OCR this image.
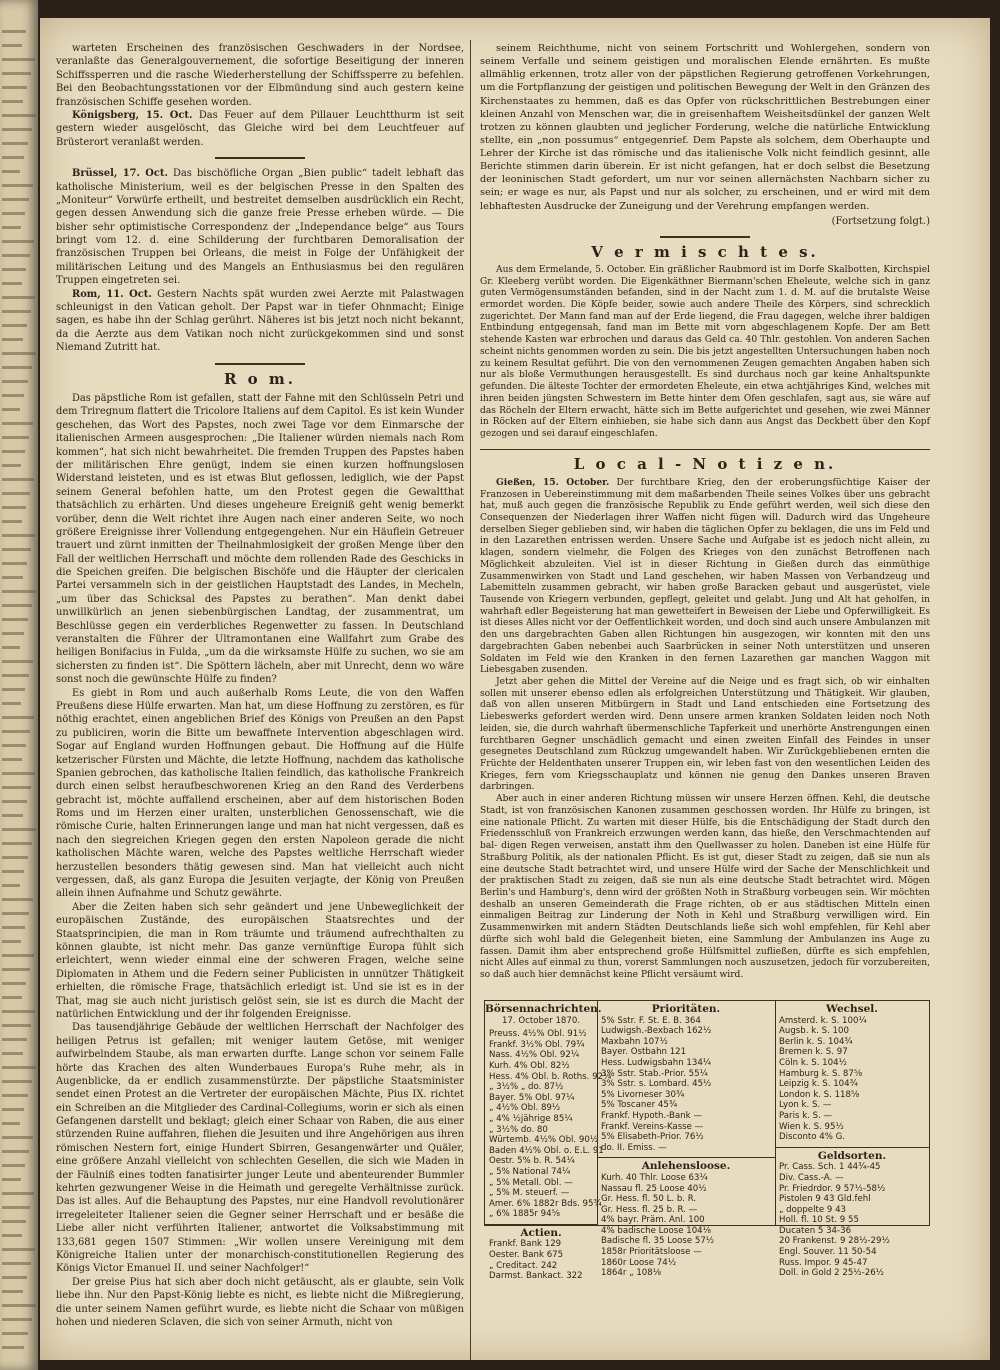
warteten Erscheinen des französischen Geschwaders in der Nordsee, veranlaßte das Generalgouvernement, die sofortige Beseitigung der inneren Schiffssperren und die rasche Wiederherstellung der Schiffssperre zu befehlen. Bei den Beobachtungsstationen vor der Elbmündung sind auch gestern keine französischen Schiffe gesehen worden.

Königsberg, 15. Oct. Das Feuer auf dem Pillauer Leuchtthurm ist seit gestern wieder ausgelöscht, das Gleiche wird bei dem Leuchtfeuer auf Brüsterort veranlaßt werden.

Brüssel, 17. Oct. Das bischöfliche Organ „Bien public“ tadelt lebhaft das katholische Ministerium, weil es der belgischen Presse in den Spalten des „Moniteur“ Vorwürfe ertheilt, und bestreitet demselben ausdrücklich ein Recht, gegen dessen Anwendung sich die ganze freie Presse erheben würde. — Die bisher sehr optimistische Correspondenz der „Independance belge“ aus Tours bringt vom 12. d. eine Schilderung der furchtbaren Demoralisation der französischen Truppen bei Orleans, die meist in Folge der Unfähigkeit der militärischen Leitung und des Mangels an Enthusiasmus bei den regulären Truppen eingetreten sei.

Rom, 11. Oct. Gestern Nachts spät wurden zwei Aerzte mit Palastwagen schleunigst in den Vatican geholt. Der Papst war in tiefer Ohnmacht; Einige sagen, es habe ihn der Schlag gerührt. Näheres ist bis jetzt noch nicht bekannt, da die Aerzte aus dem Vatikan noch nicht zurückgekommen sind und sonst Niemand Zutritt hat.

R o m.

Das päpstliche Rom ist gefallen, statt der Fahne mit den Schlüsseln Petri und dem Triregnum flattert die Tricolore Italiens auf dem Capitol. Es ist kein Wunder geschehen, das Wort des Papstes, noch zwei Tage vor dem Einmarsche der italienischen Armeen ausgesprochen: „Die Italiener würden niemals nach Rom kommen“, hat sich nicht bewahrheitet. Die fremden Truppen des Papstes haben der militärischen Ehre genügt, indem sie einen kurzen hoffnungslosen Widerstand leisteten, und es ist etwas Blut geflossen, lediglich, wie der Papst seinem General befohlen hatte, um den Protest gegen die Gewaltthat thatsächlich zu erhärten. Und dieses ungeheure Ereigniß geht wenig bemerkt vorüber, denn die Welt richtet ihre Augen nach einer anderen Seite, wo noch größere Ereignisse ihrer Vollendung entgegengehen. Nur ein Häuflein Getreuer trauert und zürnt inmitten der Theilnahmlosigkeit der großen Menge über den Fall der weltlichen Herrschaft und möchte dem rollenden Rade des Geschicks in die Speichen greifen. Die belgischen Bischöfe und die Häupter der clericalen Partei versammeln sich in der geistlichen Hauptstadt des Landes, in Mecheln, „um über das Schicksal des Papstes zu berathen“. Man denkt dabei unwillkürlich an jenen siebenbürgischen Landtag, der zusammentrat, um Beschlüsse gegen ein verderbliches Regenwetter zu fassen. In Deutschland veranstalten die Führer der Ultramontanen eine Wallfahrt zum Grabe des heiligen Bonifacius in Fulda, „um da die wirksamste Hülfe zu suchen, wo sie am sichersten zu finden ist“. Die Spöttern lächeln, aber mit Unrecht, denn wo wäre sonst noch die gewünschte Hülfe zu finden?

Es giebt in Rom und auch außerhalb Roms Leute, die von den Waffen Preußens diese Hülfe erwarten. Man hat, um diese Hoffnung zu zerstören, es für nöthig erachtet, einen angeblichen Brief des Königs von Preußen an den Papst zu publiciren, worin die Bitte um bewaffnete Intervention abgeschlagen wird. Sogar auf England wurden Hoffnungen gebaut. Die Hoffnung auf die Hülfe ketzerischer Fürsten und Mächte, die letzte Hoffnung, nachdem das katholische Spanien gebrochen, das katholische Italien feindlich, das katholische Frankreich durch einen selbst heraufbeschworenen Krieg an den Rand des Verderbens gebracht ist, möchte auffallend erscheinen, aber auf dem historischen Boden Roms und im Herzen einer uralten, unsterblichen Genossenschaft, wie die römische Curie, halten Erinnerungen lange und man hat nicht vergessen, daß es nach den siegreichen Kriegen gegen den ersten Napoleon gerade die nicht katholischen Mächte waren, welche des Papstes weltliche Herrschaft wieder herzustellen besonders thätig gewesen sind. Man hat vielleicht auch nicht vergessen, daß, als ganz Europa die Jesuiten verjagte, der König von Preußen allein ihnen Aufnahme und Schutz gewährte.

Aber die Zeiten haben sich sehr geändert und jene Unbeweglichkeit der europäischen Zustände, des europäischen Staatsrechtes und der Staatsprincipien, die man in Rom träumte und träumend aufrechthalten zu können glaubte, ist nicht mehr. Das ganze vernünftige Europa fühlt sich erleichtert, wenn wieder einmal eine der schweren Fragen, welche seine Diplomaten in Athem und die Federn seiner Publicisten in unnützer Thätigkeit erhielten, die römische Frage, thatsächlich erledigt ist. Und sie ist es in der That, mag sie auch nicht juristisch gelöst sein, sie ist es durch die Macht der natürlichen Entwicklung und der ihr folgenden Ereignisse.

Das tausendjährige Gebäude der weltlichen Herrschaft der Nachfolger des heiligen Petrus ist gefallen; mit weniger lautem Getöse, mit weniger aufwirbelndem Staube, als man erwarten durfte. Lange schon vor seinem Falle hörte das Krachen des alten Wunderbaues Europa's Ruhe mehr, als in Augenblicke, da er endlich zusammenstürzte. Der päpstliche Staatsminister sendet einen Protest an die Vertreter der europäischen Mächte, Pius IX. richtet ein Schreiben an die Mitglieder des Cardinal-Collegiums, worin er sich als einen Gefangenen darstellt und beklagt; gleich einer Schaar von Raben, die aus einer stürzenden Ruine auffahren, fliehen die Jesuiten und ihre Angehörigen aus ihren römischen Nestern fort, einige Hundert Sbirren, Gesangenwärter und Quäler, eine größere Anzahl vielleicht von schlechten Gesellen, die sich wie Maden in der Fäulniß eines todten fanatisirter junger Leute und abenteurender Bummler kehrten gezwungener Weise in die Heimath und geregelte Verhältnisse zurück. Das ist alles. Auf die Behauptung des Papstes, nur eine Handvoll revolutionärer irregeleiteter Italiener seien die Gegner seiner Herrschaft und er besäße die Liebe aller nicht verführten Italiener, antwortet die Volksabstimmung mit 133,681 gegen 1507 Stimmen: „Wir wollen unsere Vereinigung mit dem Königreiche Italien unter der monarchisch-constitutionellen Regierung des Königs Victor Emanuel II. und seiner Nachfolger!“

Der greise Pius hat sich aber doch nicht getäuscht, als er glaubte, sein Volk liebe ihn. Nur den Papst-König liebte es nicht, es liebte nicht die Mißregierung, die unter seinem Namen geführt wurde, es liebte nicht die Schaar von müßigen hohen und niederen Sclaven, die sich von seiner Armuth, nicht von

seinem Reichthume, nicht von seinem Fortschritt und Wohlergehen, sondern von seinem Verfalle und seinem geistigen und moralischen Elende ernährten. Es mußte allmählig erkennen, trotz aller von der päpstlichen Regierung getroffenen Vorkehrungen, um die Fortpflanzung der geistigen und politischen Bewegung der Welt in den Gränzen des Kirchenstaates zu hemmen, daß es das Opfer von rückschrittlichen Bestrebungen einer kleinen Anzahl von Menschen war, die in greisenhaftem Weisheitsdünkel der ganzen Welt trotzen zu können glaubten und jeglicher Forderung, welche die natürliche Entwicklung stellte, ein „non possumus“ entgegenrief. Dem Papste als solchem, dem Oberhaupte und Lehrer der Kirche ist das römische und das italienische Volk nicht feindlich gesinnt, alle Berichte stimmen darin überein. Er ist nicht gefangen, hat er doch selbst die Besetzung der leoninischen Stadt gefordert, um nur vor seinen allernächsten Nachbarn sicher zu sein; er wage es nur, als Papst und nur als solcher, zu erscheinen, und er wird mit dem lebhaftesten Ausdrucke der Zuneigung und der Verehrung empfangen werden.

(Fortsetzung folgt.)
V e r m i s c h t e s.

Aus dem Ermelande, 5. October. Ein gräßlicher Raubmord ist im Dorfe Skalbotten, Kirchspiel Gr. Kleeberg verübt worden. Die Eigenkäthner Biermann'schen Eheleute, welche sich in ganz guten Vermögensumständen befanden, sind in der Nacht zum 1. d. M. auf die brutalste Weise ermordet worden. Die Köpfe beider, sowie auch andere Theile des Körpers, sind schrecklich zugerichtet. Der Mann fand man auf der Erde liegend, die Frau dagegen, welche ihrer baldigen Entbindung entgegensah, fand man im Bette mit vorn abgeschlagenem Kopfe. Der am Bett stehende Kasten war erbrochen und daraus das Geld ca. 40 Thlr. gestohlen. Von anderen Sachen scheint nichts genommen worden zu sein. Die bis jetzt angestellten Untersuchungen haben noch zu keinem Resultat geführt. Die von den vernommenen Zeugen gemachten Angaben haben sich nur als bloße Vermuthungen herausgestellt. Es sind durchaus noch gar keine Anhaltspunkte gefunden. Die älteste Tochter der ermordeten Eheleute, ein etwa achtjähriges Kind, welches mit ihren beiden jüngsten Schwestern im Bette hinter dem Ofen geschlafen, sagt aus, sie wäre auf das Röcheln der Eltern erwacht, hätte sich im Bette aufgerichtet und gesehen, wie zwei Männer in Röcken auf der Eltern einhieben, sie habe sich dann aus Angst das Deckbett über den Kopf gezogen und sei darauf eingeschlafen.

L o c a l - N o t i z e n.

Gießen, 15. October. Der furchtbare Krieg, den der eroberungsfüchtige Kaiser der Franzosen in Uebereinstimmung mit dem maßarbenden Theile seines Volkes über uns gebracht hat, muß auch gegen die französische Republik zu Ende geführt werden, weil sich diese den Consequenzen der Niederlagen ihrer Waffen nicht fügen will. Dadurch wird das Ungeheure derselben Sieger geblieben sind, wir haben die täglichen Opfer zu beklagen, die uns im Feld und in den Lazarethen entrissen werden. Unsere Sache und Aufgabe ist es jedoch nicht allein, zu klagen, sondern vielmehr, die Folgen des Krieges von den zunächst Betroffenen nach Möglichkeit abzuleiten. Viel ist in dieser Richtung in Gießen durch das einmüthige Zusammenwirken von Stadt und Land geschehen, wir haben Massen von Verbandzeug und Labemitteln zusammen gebracht, wir haben große Baracken gebaut und ausgerüstet, viele Tausende von Kriegern verbunden, gepflegt, geleitet und gelabt. Jung und Alt hat geholfen, in wahrhaft edler Begeisterung hat man gewetteifert in Beweisen der Liebe und Opferwilligkeit. Es ist dieses Alles nicht vor der Oeffentlichkeit worden, und doch sind auch unsere Ambulanzen mit den uns dargebrachten Gaben allen Richtungen hin ausgezogen, wir konnten mit den uns dargebrachten Gaben nebenbei auch Saarbrücken in seiner Noth unterstützen und unseren Soldaten im Feld wie den Kranken in den fernen Lazarethen gar manchen Waggon mit Liebesgaben zusenden.

Jetzt aber gehen die Mittel der Vereine auf die Neige und es fragt sich, ob wir einhalten sollen mit unserer ebenso edlen als erfolgreichen Unterstützung und Thätigkeit. Wir glauben, daß von allen unseren Mitbürgern in Stadt und Land entschieden eine Fortsetzung des Liebeswerks gefordert werden wird. Denn unsere armen kranken Soldaten leiden noch Noth leiden, sie, die durch wahrhaft übermenschliche Tapferkeit und unerhörte Anstrengungen einen furchtbaren Gegner unschädlich gemacht und einen zweiten Einfall des Feindes in unser gesegnetes Deutschland zum Rückzug umgewandelt haben. Wir Zurückgebliebenen ernten die Früchte der Heldenthaten unserer Truppen ein, wir leben fast von den wesentlichen Leiden des Krieges, fern vom Kriegsschauplatz und können nie genug den Dankes unseren Braven darbringen.

Aber auch in einer anderen Richtung müssen wir unsere Herzen öffnen. Kehl, die deutsche Stadt, ist von französischen Kanonen zusammen geschossen worden. Ihr Hülfe zu bringen, ist eine nationale Pflicht. Zu warten mit dieser Hülfe, bis die Entschädigung der Stadt durch den Friedensschluß von Frankreich erzwungen werden kann, das hieße, den Verschmachtenden auf bal- digen Regen verweisen, anstatt ihm den Quellwasser zu holen. Daneben ist eine Hülfe für Straßburg Politik, als der nationalen Pflicht. Es ist gut, dieser Stadt zu zeigen, daß sie nun als eine deutsche Stadt betrachtet wird, und unsere Hülfe wird der Sache der Menschlichkeit und der praktischen Stadt zu zeigen, daß sie nun als eine deutsche Stadt betrachtet wird. Mögen Berlin's und Hamburg's, denn wird der größten Noth in Straßburg vorbeugen sein. Wir möchten deshalb an unseren Gemeinderath die Frage richten, ob er aus städtischen Mitteln einen einmaligen Beitrag zur Linderung der Noth in Kehl und Straßburg verwilligen wird. Ein Zusammenwirken mit andern Städten Deutschlands ließe sich wohl empfehlen, für Kehl aber dürfte sich wohl bald die Gelegenheit bieten, eine Sammlung der Ambulanzen ins Auge zu fassen. Damit ihm aber entsprechend große Hülfsmittel zufließen, dürfte es sich empfehlen, nicht Alles auf einmal zu thun, vorerst Sammlungen noch auszusetzen, jedoch für vorzubereiten, so daß auch hier demnächst keine Pflicht versäumt wird.

Börsennachrichten.
17. October 1870.
Preuss. 4½% Obl. 91½
Frankf. 3½% Obl. 79¾
Nass. 4½% Obl. 92¼
Kurh. 4% Obl. 82½
Hess. 4% Obl. b. Roths. 92¼
„ 3½% „ do. 87½
Bayer. 5% Obl. 97¼
„ 4½% Obl. 89½
„ 4% ½jährige 85¼
„ 3½% do. 80
Würtemb. 4½% Obl. 90½
Baden 4½% Obl. o. E.L. 91
Oestr. 5% b. R. 54¼
„ 5% National 74¼
„ 5% Metall. Obl. —
„ 5% M. steuerf. —
Amer. 6% 1882r Bds. 95¾
„ 6% 1885r 94⅝
Actien.
Frankf. Bank 129
Oester. Bank 675
„ Creditact. 242
Darmst. Bankact. 322
Prioritäten.
5% Sstr. F. St. E. B. 364
Ludwigsh.-Bexbach 162½
Maxbahn 107½
Bayer. Ostbahn 121
Hess. Ludwigsbahn 134¼
3% Sstr. Stab.-Prior. 55¼
3% Sstr. s. Lombard. 45½
5% Livorneser 30¾
5% Toscaner 45¾
Frankf. Hypoth.-Bank —
Frankf. Vereins-Kasse —
5% Elisabeth-Prior. 76½
do. II. Emiss. —
Anlehensloose.
Kurh. 40 Thlr. Loose 63¼
Nassau fl. 25 Loose 40½
Gr. Hess. fl. 50 L. b. R.
Gr. Hess. fl. 25 b. R. —
4% bayr. Präm. Anl. 100
4% badische Loose 104⅛
Badische fl. 35 Loose 57½
1858r Prioritätsloose —
1860r Loose 74½
1864r „ 108⅛
Wechsel.
Amsterd. k. S. 100¼
Augsb. k. S. 100
Berlin k. S. 104¾
Bremen k. S. 97
Cöln k. S. 104½
Hamburg k. S. 87⅝
Leipzig k. S. 104¾
London k. S. 118⅝
Lyon k. S. —
Paris k. S. —
Wien k. S. 95½
Disconto 4% G.
Geldsorten.
Pr. Cass. Sch. 1 44¾-45
Div. Cass.-A. —
Pr. Friedrdor. 9 57½-58½
Pistolen 9 43 Gld.fehl
„ doppelte 9 43
Holl. fl. 10 St. 9 55
Ducaten 5 34-36
20 Frankenst. 9 28½-29½
Engl. Souver. 11 50-54
Russ. Impor. 9 45-47
Doll. in Gold 2 25½-26½
